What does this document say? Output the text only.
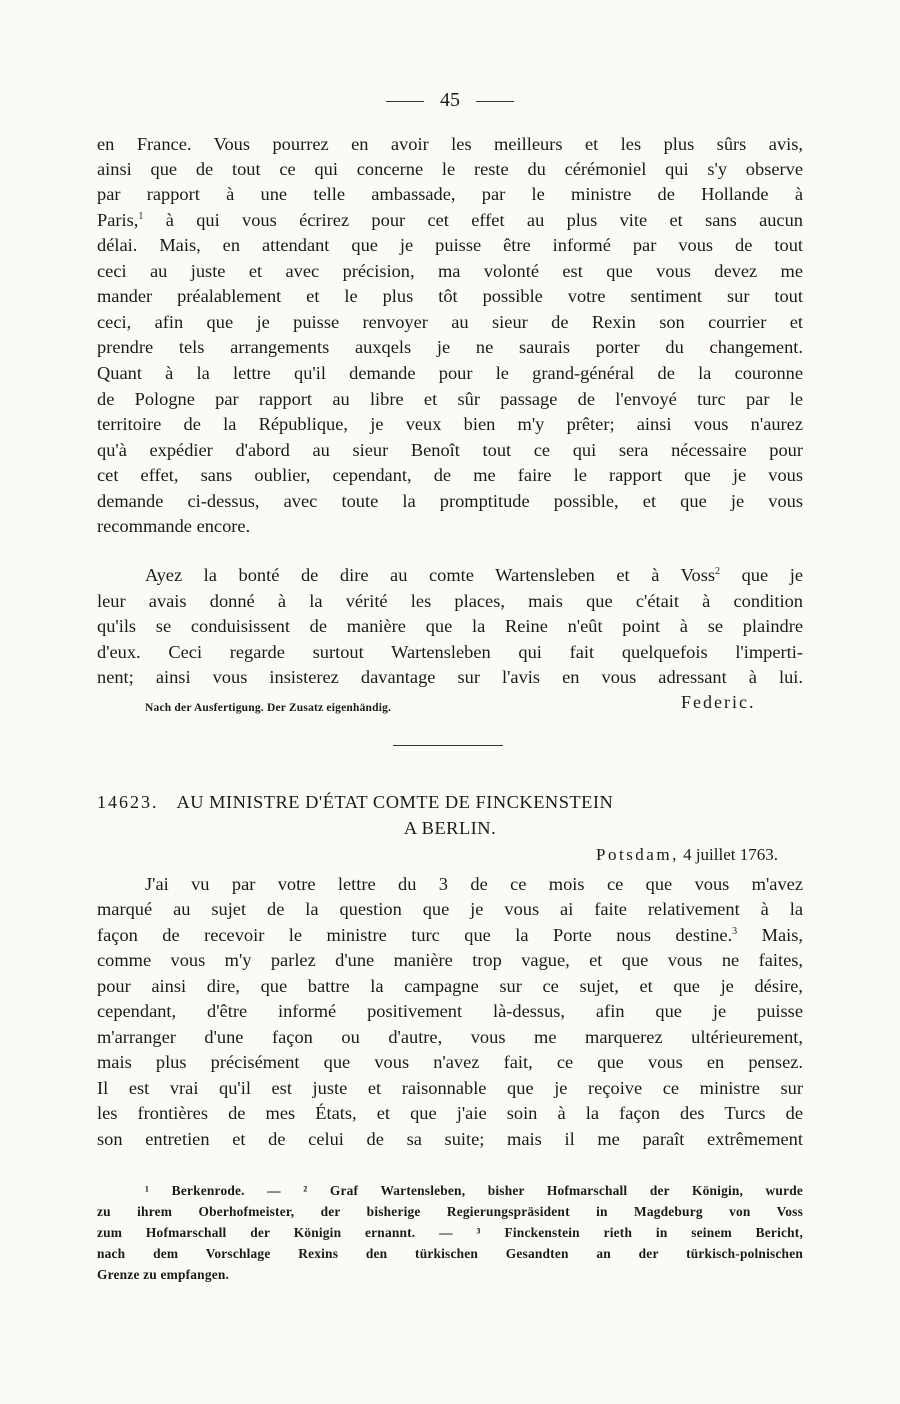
45
en France. Vous pourrez en avoir les meilleurs et les plus sûrs avis,
ainsi que de tout ce qui concerne le reste du cérémoniel qui s'y observe
par rapport à une telle ambassade, par le ministre de Hollande à
Paris,$^1$ à qui vous écrirez pour cet effet au plus vite et sans aucun
délai. Mais, en attendant que je puisse être informé par vous de tout
ceci au juste et avec précision, ma volonté est que vous devez me
mander préalablement et le plus tôt possible votre sentiment sur tout
ceci, afin que je puisse renvoyer au sieur de Rexin son courrier et
prendre tels arrangements auxqels je ne saurais porter du changement.
Quant à la lettre qu'il demande pour le grand-général de la couronne
de Pologne par rapport au libre et sûr passage de l'envoyé turc par le
territoire de la République, je veux bien m'y prêter; ainsi vous n'aurez
qu'à expédier d'abord au sieur Benoît tout ce qui sera nécessaire pour
cet effet, sans oublier, cependant, de me faire le rapport que je vous
demande ci-dessus, avec toute la promptitude possible, et que je vous
recommande encore.
Ayez la bonté de dire au comte Wartensleben et à Voss$^2$ que je
leur avais donné à la vérité les places, mais que c'était à condition
qu'ils se conduisissent de manière que la Reine n'eût point à se plaindre
d'eux. Ceci regarde surtout Wartensleben qui fait quelquefois l'imperti-
nent; ainsi vous insisterez davantage sur l'avis en vous adressant à lui.
Nach der Ausfertigung. Der Zusatz eigenhändig.	Federic.
14623. AU MINISTRE D'ÉTAT COMTE DE FINCKENSTEIN
A BERLIN.
Potsdam, 4 juillet 1763.
J'ai vu par votre lettre du 3 de ce mois ce que vous m'avez
marqué au sujet de la question que je vous ai faite relativement à la
façon de recevoir le ministre turc que la Porte nous destine.$^3$ Mais,
comme vous m'y parlez d'une manière trop vague, et que vous ne faites,
pour ainsi dire, que battre la campagne sur ce sujet, et que je désire,
cependant, d'être informé positivement là-dessus, afin que je puisse
m'arranger d'une façon ou d'autre, vous me marquerez ultérieurement,
mais plus précisément que vous n'avez fait, ce que vous en pensez.
Il est vrai qu'il est juste et raisonnable que je reçoive ce ministre sur
les frontières de mes États, et que j'aie soin à la façon des Turcs de
son entretien et de celui de sa suite; mais il me paraît extrêmement
¹ Berkenrode. — ² Graf Wartensleben, bisher Hofmarschall der Königin, wurde
zu ihrem Oberhofmeister, der bisherige Regierungspräsident in Magdeburg von Voss
zum Hofmarschall der Königin ernannt. — ³ Finckenstein rieth in seinem Bericht,
nach dem Vorschlage Rexins den türkischen Gesandten an der türkisch-polnischen
Grenze zu empfangen.
